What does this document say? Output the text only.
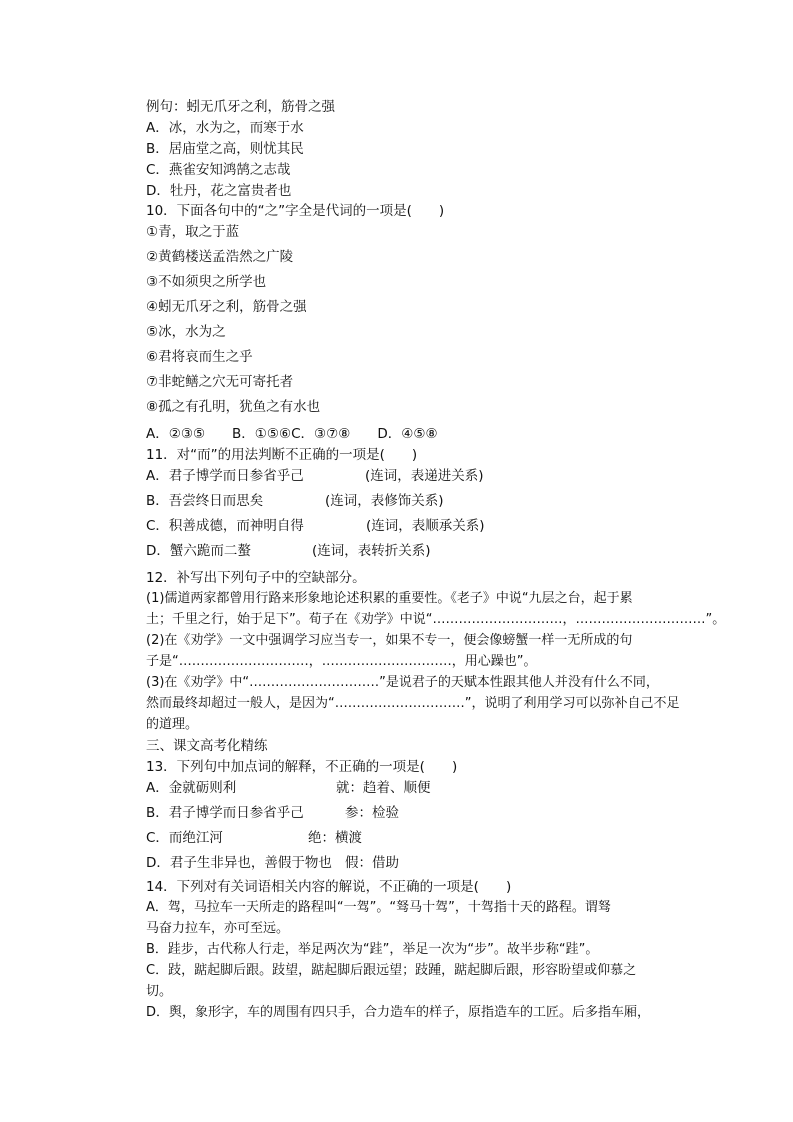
例句：蚓无爪牙之利，筋骨之强
A．冰，水为之，而寒于水
B．居庙堂之高，则忧其民
C．燕雀安知鸿鹄之志哉
D．牡丹，花之富贵者也
10．下面各句中的“之”字全是代词的一项是(　　)
①青，取之于蓝
②黄鹤楼送孟浩然之广陵
③不如须臾之所学也
④蚓无爪牙之利，筋骨之强
⑤冰，水为之
⑥君将哀而生之乎
⑦非蛇鳝之穴无可寄托者
⑧孤之有孔明，犹鱼之有水也
A．②③⑤　　B．①⑤⑥C．③⑦⑧　　D．④⑤⑧
11．对“而”的用法判断不正确的一项是(　　)
A．君子博学而日参省乎己	(连词，表递进关系)
B．吾尝终日而思矣	(连词，表修饰关系)
C．积善成德，而神明自得	(连词，表顺承关系)
D．蟹六跪而二螯	(连词，表转折关系)
12．补写出下列句子中的空缺部分。
(1)儒道两家都曾用行路来形象地论述积累的重要性。《老子》中说“九层之台，起于累
土；千里之行，始于足下”。荀子在《劝学》中说“…………………………，…………………………”。
(2)在《劝学》一文中强调学习应当专一，如果不专一，便会像螃蟹一样一无所成的句
子是“…………………………，…………………………，用心躁也”。
(3)在《劝学》中“…………………………”是说君子的天赋本性跟其他人并没有什么不同，
然而最终却超过一般人，是因为“…………………………”，说明了利用学习可以弥补自己不足
的道理。
三、课文高考化精练
13．下列句中加点词的解释，不正确的一项是(　　)
A．金就砺则利	就：趋着、顺便
B．君子博学而日参省乎己	参：检验
C．而绝江河	绝：横渡
D．君子生非异也，善假于物也 假：借助
14．下列对有关词语相关内容的解说，不正确的一项是(　　)
A．驾，马拉车一天所走的路程叫“一驾”。“驽马十驾”，十驾指十天的路程。谓驽
马奋力拉车，亦可至远。
B．跬步，古代称人行走，举足两次为“跬”，举足一次为“步”。故半步称“跬”。
C．跂，踮起脚后跟。跂望，踮起脚后跟远望；跂踵，踮起脚后跟，形容盼望或仰慕之
切。
D．舆，象形字，车的周围有四只手，合力造车的样子，原指造车的工匠。后多指车厢，
